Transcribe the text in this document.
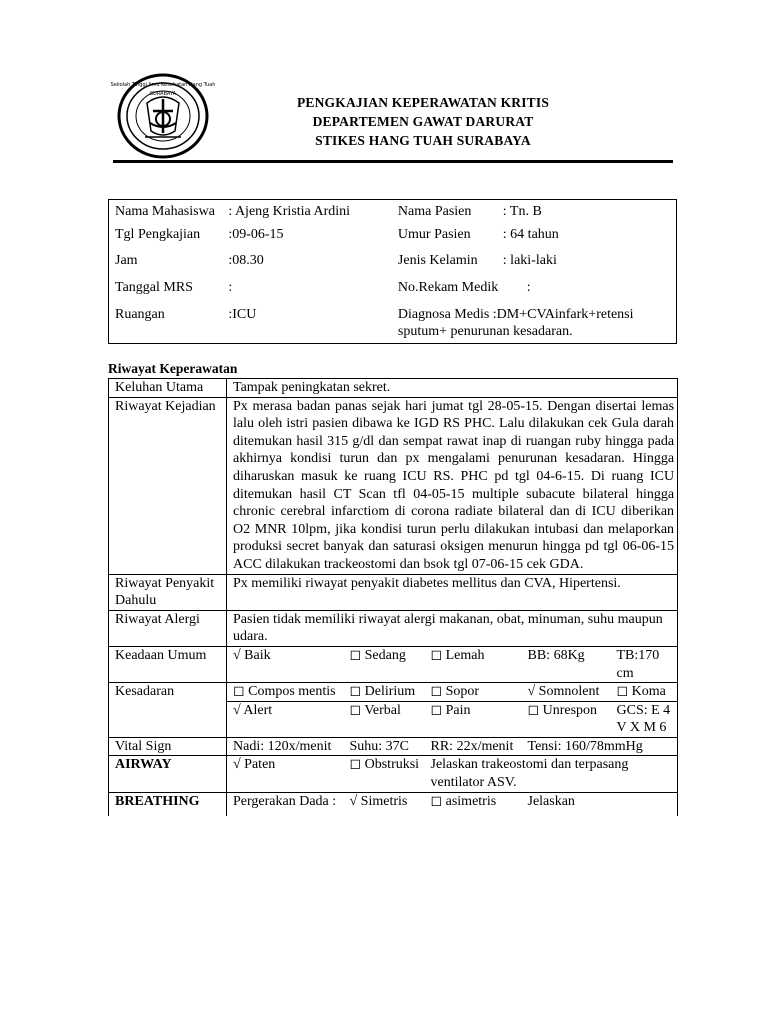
Sekolah Tinggi Ilmu Kesehatan Hang Tuah
SURABAYA
PENGKAJIAN KEPERAWATAN KRITIS
DEPARTEMEN GAWAT DARURAT
STIKES HANG TUAH SURABAYA
Nama Mahasiswa	: Ajeng Kristia Ardini	Nama Pasien	: Tn. B
Tgl Pengkajian	:09-06-15	Umur Pasien	: 64 tahun
Jam	:08.30	Jenis Kelamin	: laki-laki
Tanggal MRS	:	No.Rekam Medik	:
Ruangan	:ICU	Diagnosa Medis :DM+CVAinfark+retensi sputum+ penurunan kesadaran.	
Riwayat Keperawatan
Keluhan Utama	Tampak peningkatan sekret.				
Riwayat Kejadian	Px merasa badan panas sejak hari jumat tgl 28-05-15. Dengan disertai lemas lalu oleh istri pasien dibawa ke IGD RS PHC. Lalu dilakukan cek Gula darah ditemukan hasil 315 g/dl dan sempat rawat inap di ruangan ruby hingga pada akhirnya kondisi turun dan px mengalami penurunan kesadaran. Hingga diharuskan masuk ke ruang ICU RS. PHC pd tgl 04-6-15. Di ruang ICU ditemukan hasil CT Scan tfl 04-05-15 multiple subacute bilateral hingga chronic cerebral infarctiom di corona radiate bilateral dan di ICU diberikan O2 MNR 10lpm, jika kondisi turun perlu dilakukan intubasi dan melaporkan produksi secret banyak dan saturasi oksigen menurun hingga pd tgl 06-06-15 ACC dilakukan trackeostomi dan bsok tgl 07-06-15 cek GDA.				
Riwayat Penyakit Dahulu	Px memiliki riwayat penyakit diabetes mellitus dan CVA, Hipertensi.				
Riwayat Alergi	Pasien tidak memiliki riwayat alergi makanan, obat, minuman, suhu maupun udara.				
Keadaan Umum	√ Baik	◻ Sedang	◻ Lemah	BB: 68Kg	TB:170 cm
Kesadaran	◻ Compos mentis	◻ Delirium	◻ Sopor	√ Somnolent	◻ Koma
	√ Alert	◻ Verbal	◻ Pain	◻ Unrespon	GCS: E 4 V X M 6
Vital Sign	Nadi: 120x/menit	Suhu: 37C	RR: 22x/menit	Tensi: 160/78mmHg	
AIRWAY	√ Paten	◻ Obstruksi	Jelaskan trakeostomi dan terpasang ventilator ASV.		
BREATHING	Pergerakan Dada :	√ Simetris	◻ asimetris	Jelaskan	
